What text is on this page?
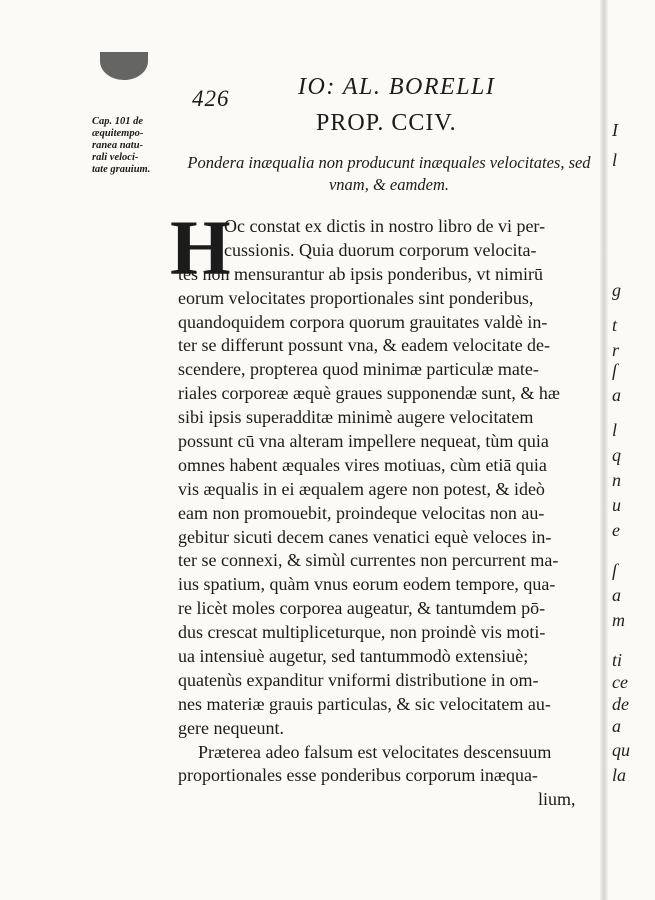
I
l
g
t
r
ſ
a
l
q
n
u
e
ſ
a
m
ti
ce
de
a
qu
la
426	IO: AL. BORELLI
PROP. CCIV.
Cap. 101 de
æquitempo-
ranea natu-
rali veloci-
tate grauium.	Pondera inæqualia non producunt inæquales velocitates, sed
vnam, & eamdem.
H
Oc constat ex dictis in nostro libro de vi per-
cussionis. Quia duorum corporum velocita-
tes non mensurantur ab ipsis ponderibus, vt nimirū
eorum velocitates proportionales sint ponderibus,
quandoquidem corpora quorum grauitates valdè in-
ter se differunt possunt vna, & eadem velocitate de-
scendere, propterea quod minimæ particulæ mate-
riales corporeæ æquè graues supponendæ sunt, & hæ
sibi ipsis superadditæ minimè augere velocitatem
possunt cū vna alteram impellere nequeat, tùm quia
omnes habent æquales vires motiuas, cùm etiā quia
vis æqualis in ei æqualem agere non potest, & ideò
eam non promouebit, proindeque velocitas non au-
gebitur sicuti decem canes venatici equè veloces in-
ter se connexi, & simùl currentes non percurrent ma-
ius spatium, quàm vnus eorum eodem tempore, qua-
re licèt moles corporea augeatur, & tantumdem pō-
dus crescat multipliceturque, non proindè vis moti-
ua intensiuè augetur, sed tantummodò extensiuè;
quatenùs expanditur vniformi distributione in om-
nes materiæ grauis particulas, & sic velocitatem au-
gere nequeunt.
Præterea adeo falsum est velocitates descensuum
proportionales esse ponderibus corporum inæqua-
lium,
